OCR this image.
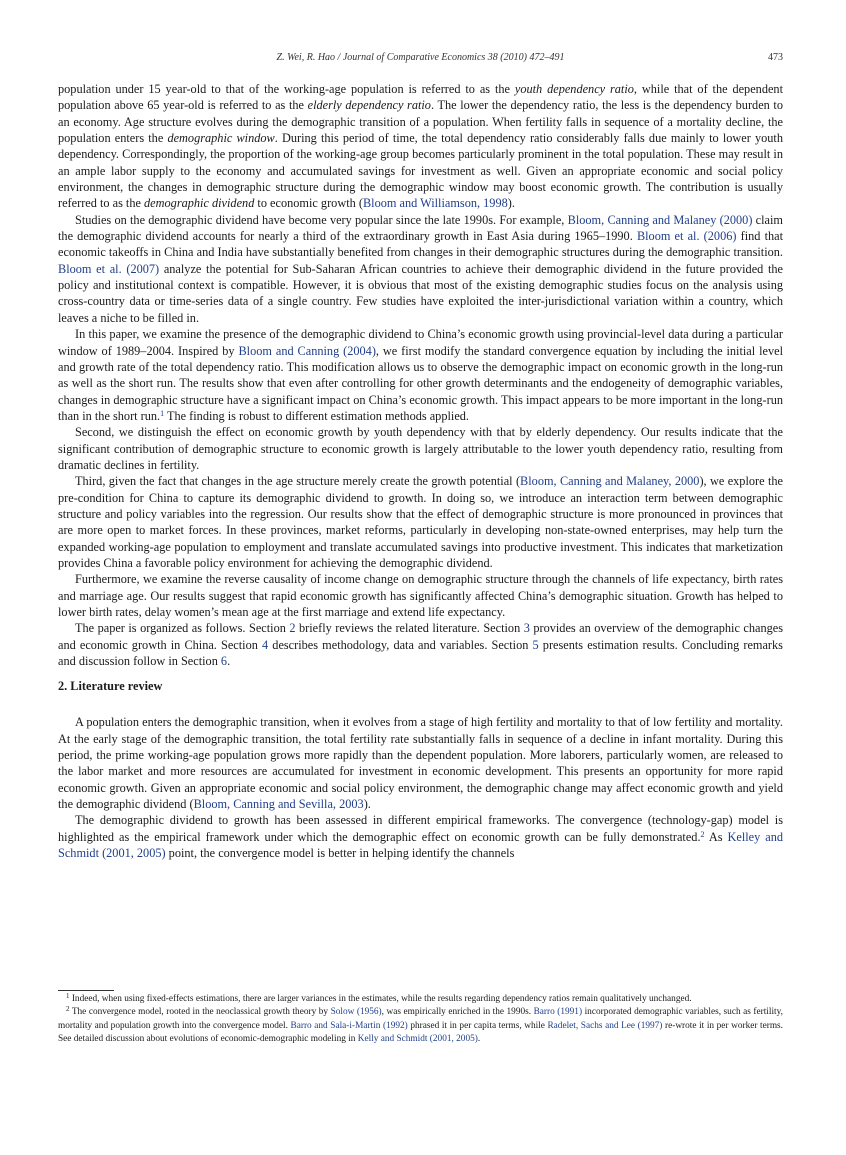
Z. Wei, R. Hao / Journal of Comparative Economics 38 (2010) 472–491	473

population under 15 year-old to that of the working-age population is referred to as the youth dependency ratio, while that of the dependent population above 65 year-old is referred to as the elderly dependency ratio. The lower the dependency ratio, the less is the dependency burden to an economy. Age structure evolves during the demographic transition of a population. When fertility falls in sequence of a mortality decline, the population enters the demographic window. During this period of time, the total dependency ratio considerably falls due mainly to lower youth dependency. Correspondingly, the proportion of the working-age group becomes particularly prominent in the total population. These may result in an ample labor supply to the economy and accumulated savings for investment as well. Given an appropriate economic and social policy environment, the changes in demographic structure during the demographic window may boost economic growth. The contribution is usually referred to as the demographic dividend to economic growth (Bloom and Williamson, 1998).

Studies on the demographic dividend have become very popular since the late 1990s. For example, Bloom, Canning and Malaney (2000) claim the demographic dividend accounts for nearly a third of the extraordinary growth in East Asia during 1965–1990. Bloom et al. (2006) find that economic takeoffs in China and India have substantially benefited from changes in their demographic structures during the demographic transition. Bloom et al. (2007) analyze the potential for Sub-Saharan African countries to achieve their demographic dividend in the future provided the policy and institutional context is compatible. However, it is obvious that most of the existing demographic studies focus on the analysis using cross-country data or time-series data of a single country. Few studies have exploited the inter-jurisdictional variation within a country, which leaves a niche to be filled in.

In this paper, we examine the presence of the demographic dividend to China’s economic growth using provincial-level data during a particular window of 1989–2004. Inspired by Bloom and Canning (2004), we first modify the standard convergence equation by including the initial level and growth rate of the total dependency ratio. This modification allows us to observe the demographic impact on economic growth in the long-run as well as the short run. The results show that even after controlling for other growth determinants and the endogeneity of demographic variables, changes in demographic structure have a significant impact on China’s economic growth. This impact appears to be more important in the long-run than in the short run.$^1$ The finding is robust to different estimation methods applied.

Second, we distinguish the effect on economic growth by youth dependency with that by elderly dependency. Our results indicate that the significant contribution of demographic structure to economic growth is largely attributable to the lower youth dependency ratio, resulting from dramatic declines in fertility.

Third, given the fact that changes in the age structure merely create the growth potential (Bloom, Canning and Malaney, 2000), we explore the pre-condition for China to capture its demographic dividend to growth. In doing so, we introduce an interaction term between demographic structure and policy variables into the regression. Our results show that the effect of demographic structure is more pronounced in provinces that are more open to market forces. In these provinces, market reforms, particularly in developing non-state-owned enterprises, may help turn the expanded working-age population to employment and translate accumulated savings into productive investment. This indicates that marketization provides China a favorable policy environment for achieving the demographic dividend.

Furthermore, we examine the reverse causality of income change on demographic structure through the channels of life expectancy, birth rates and marriage age. Our results suggest that rapid economic growth has significantly affected China’s demographic situation. Growth has helped to lower birth rates, delay women’s mean age at the first marriage and extend life expectancy.

The paper is organized as follows. Section 2 briefly reviews the related literature. Section 3 provides an overview of the demographic changes and economic growth in China. Section 4 describes methodology, data and variables. Section 5 presents estimation results. Concluding remarks and discussion follow in Section 6.

2. Literature review

A population enters the demographic transition, when it evolves from a stage of high fertility and mortality to that of low fertility and mortality. At the early stage of the demographic transition, the total fertility rate substantially falls in sequence of a decline in infant mortality. During this period, the prime working-age population grows more rapidly than the dependent population. More laborers, particularly women, are released to the labor market and more resources are accumulated for investment in economic development. This presents an opportunity for more rapid economic growth. Given an appropriate economic and social policy environment, the demographic change may affect economic growth and yield the demographic dividend (Bloom, Canning and Sevilla, 2003).

The demographic dividend to growth has been assessed in different empirical frameworks. The convergence (technology-gap) model is highlighted as the empirical framework under which the demographic effect on economic growth can be fully demonstrated.$^2$ As Kelley and Schmidt (2001, 2005) point, the convergence model is better in helping identify the channels

$^1$ Indeed, when using fixed-effects estimations, there are larger variances in the estimates, while the results regarding dependency ratios remain qualitatively unchanged.

$^2$ The convergence model, rooted in the neoclassical growth theory by Solow (1956), was empirically enriched in the 1990s. Barro (1991) incorporated demographic variables, such as fertility, mortality and population growth into the convergence model. Barro and Sala-i-Martin (1992) phrased it in per capita terms, while Radelet, Sachs and Lee (1997) re-wrote it in per worker terms. See detailed discussion about evolutions of economic-demographic modeling in Kelly and Schmidt (2001, 2005).
